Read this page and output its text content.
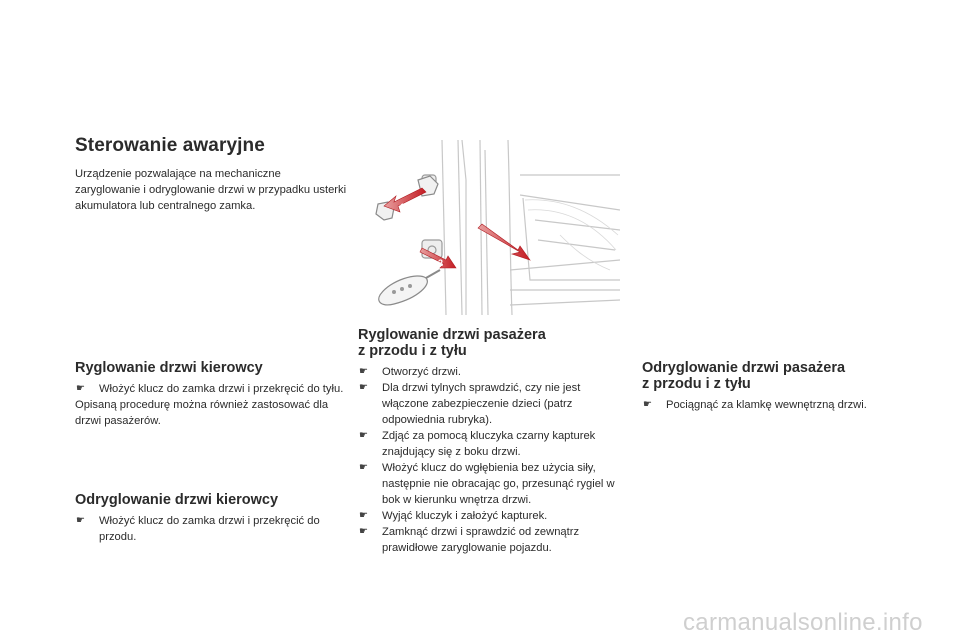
Sterowanie awaryjne
Urządzenie pozwalające na mechaniczne zaryglowanie i odryglowanie drzwi w przypadku usterki akumulatora lub centralnego zamka.	1
2
Ryglowanie drzwi kierowcy
☛ Włożyć klucz do zamka drzwi i przekręcić do tyłu.
Opisaną procedurę można również zastosować dla drzwi pasażerów.
Odryglowanie drzwi kierowcy
☛ Włożyć klucz do zamka drzwi i przekręcić do przodu.
Ryglowanie drzwi pasażera
z przodu i z tyłu
☛ Otworzyć drzwi.
☛ Dla drzwi tylnych sprawdzić, czy nie jest włączone zabezpieczenie dzieci (patrz odpowiednia rubryka).
☛ Zdjąć za pomocą kluczyka czarny kapturek znajdujący się z boku drzwi.
☛ Włożyć klucz do wgłębienia bez użycia siły, następnie nie obracając go, przesunąć rygiel w bok w kierunku wnętrza drzwi.
☛ Wyjąć kluczyk i założyć kapturek.
☛ Zamknąć drzwi i sprawdzić od zewnątrz prawidłowe zaryglowanie pojazdu.
Odryglowanie drzwi pasażera
z przodu i z tyłu
☛ Pociągnąć za klamkę wewnętrzną drzwi.
carmanualsonline.info
